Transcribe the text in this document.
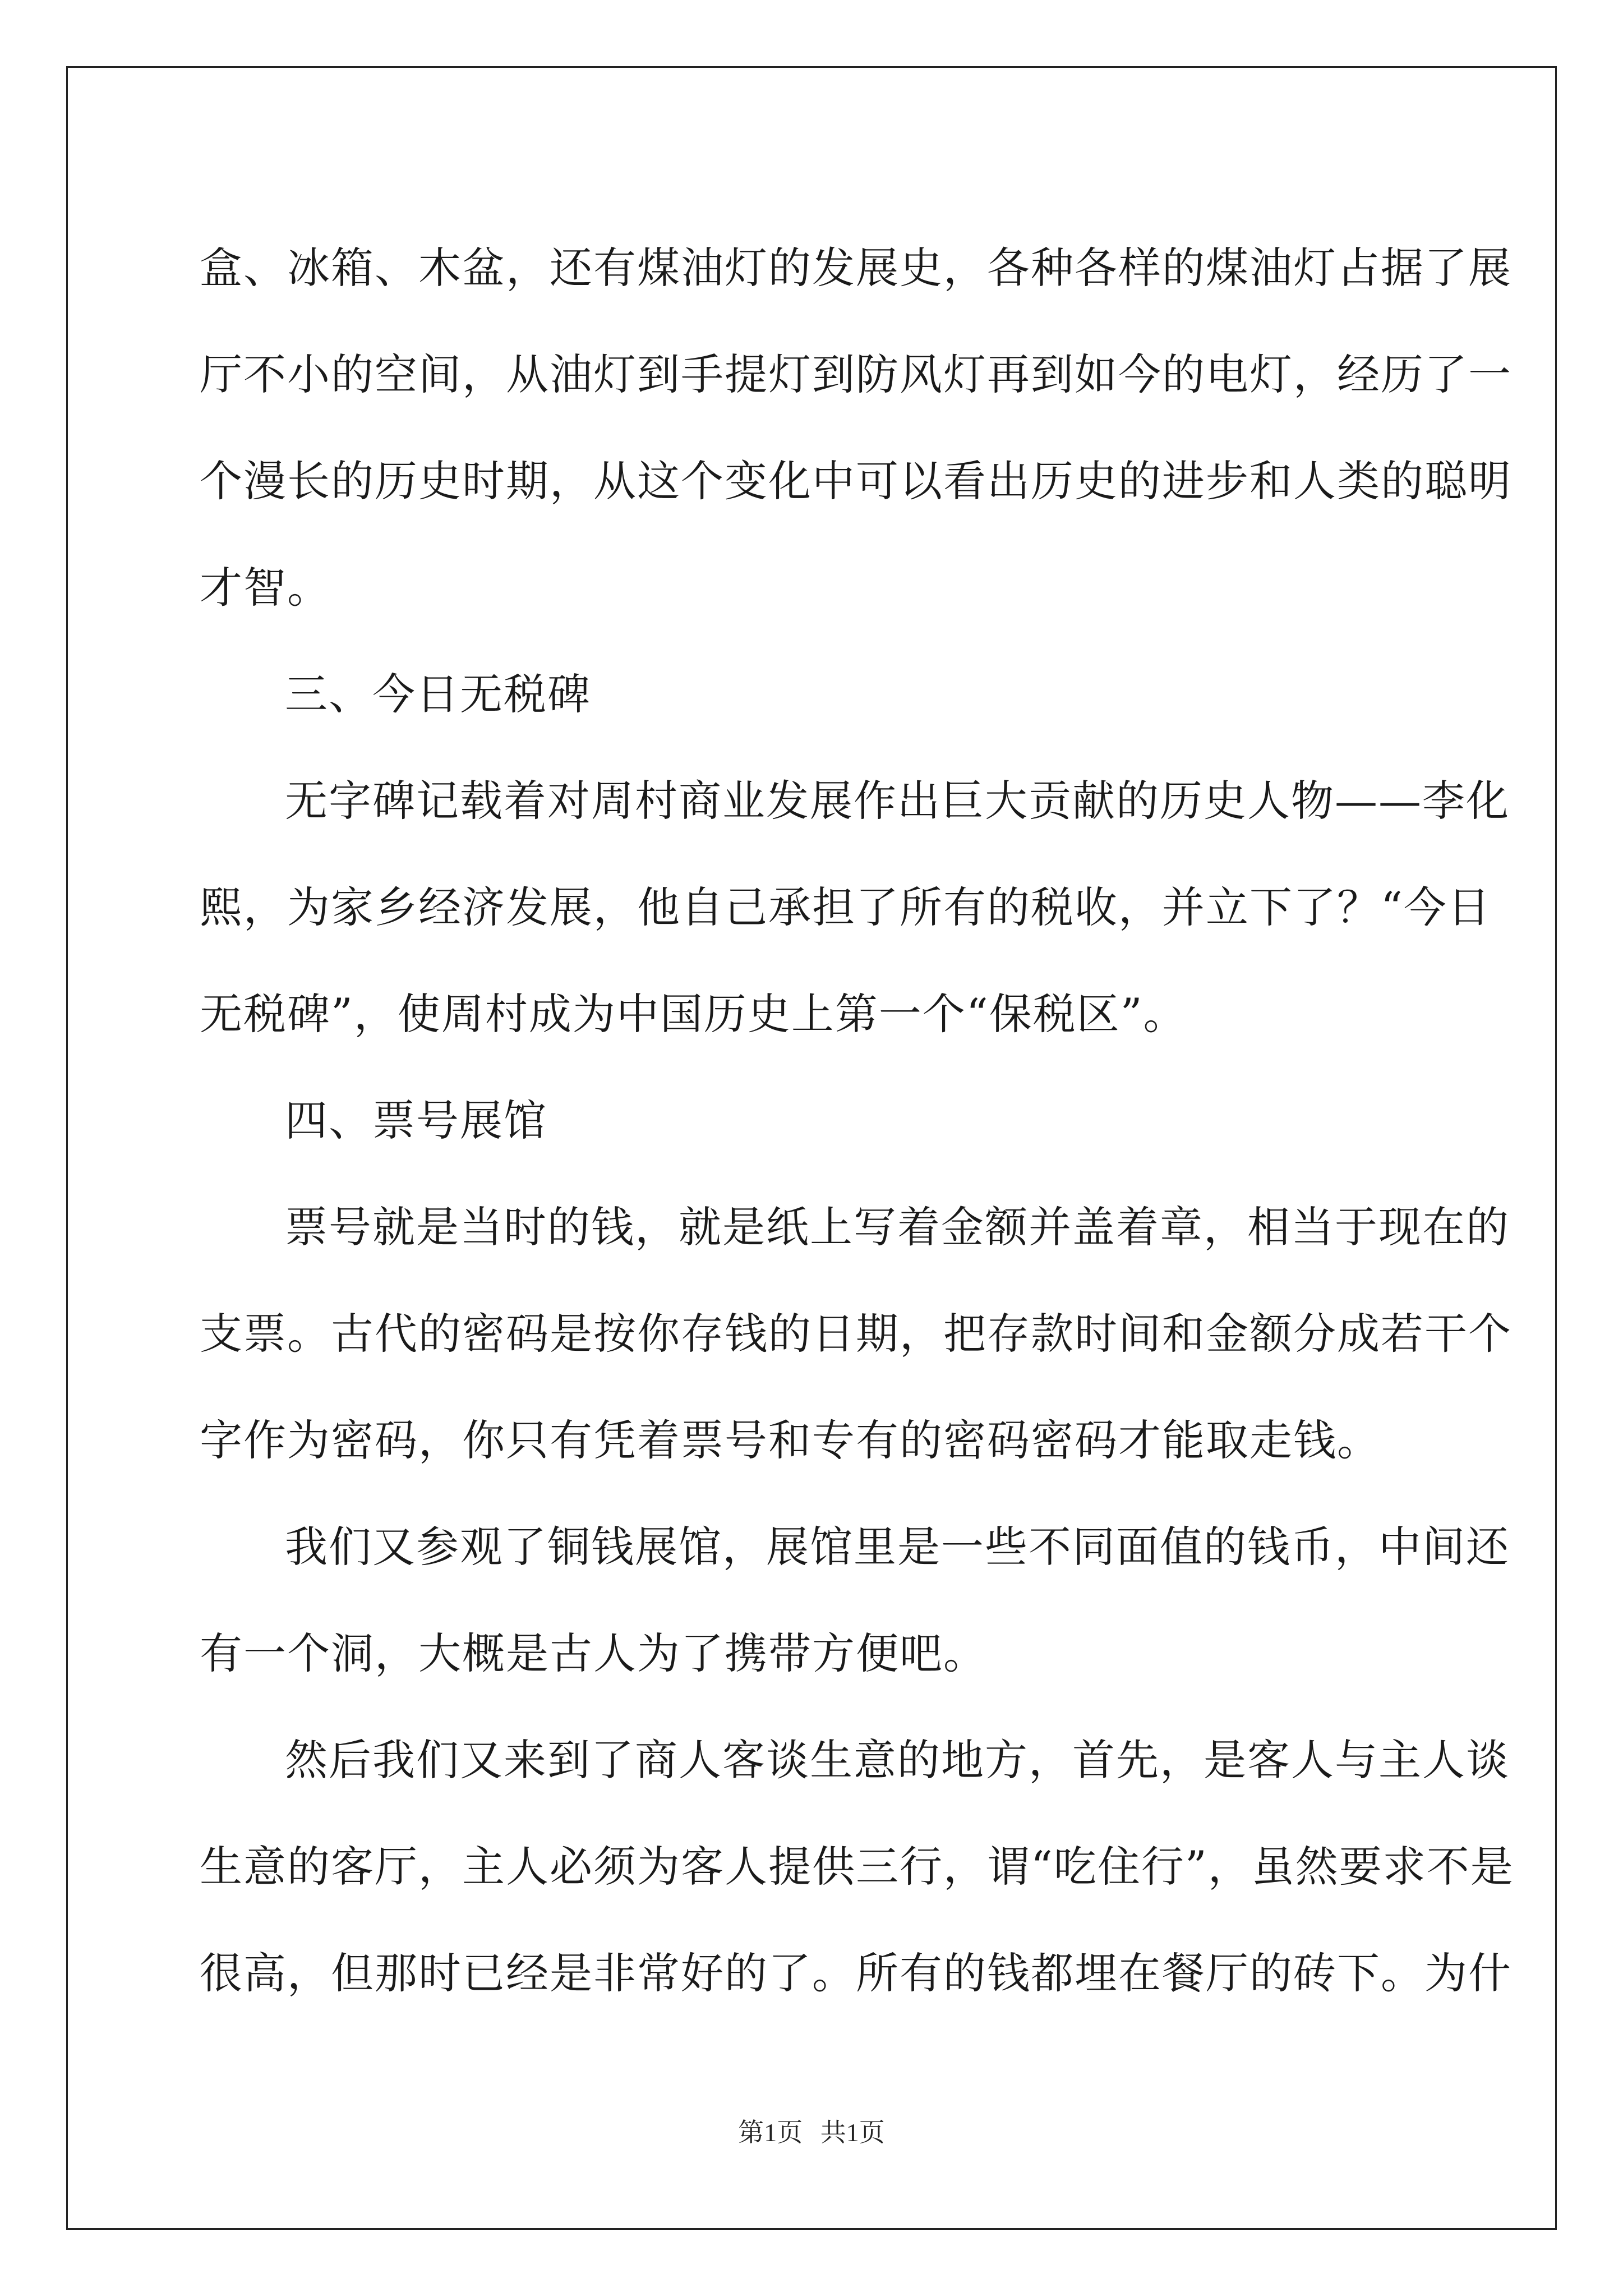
盒、冰箱、木盆，还有煤油灯的发展史，各种各样的煤油灯占据了展
厅不小的空间，从油灯到手提灯到防风灯再到如今的电灯，经历了一
个漫长的历史时期，从这个变化中可以看出历史的进步和人类的聪明
才智。

三、今日无税碑

无字碑记载着对周村商业发展作出巨大贡献的历史人物——李化
熙，为家乡经济发展，他自己承担了所有的税收，并立下了？“今日
无税碑”，使周村成为中国历史上第一个“保税区”。

四、票号展馆

票号就是当时的钱，就是纸上写着金额并盖着章，相当于现在的
支票。古代的密码是按你存钱的日期，把存款时间和金额分成若干个
字作为密码，你只有凭着票号和专有的密码密码才能取走钱。

我们又参观了铜钱展馆，展馆里是一些不同面值的钱币，中间还
有一个洞，大概是古人为了携带方便吧。

然后我们又来到了商人客谈生意的地方，首先，是客人与主人谈
生意的客厅，主人必须为客人提供三行，谓“吃住行”，虽然要求不是
很高，但那时已经是非常好的了。所有的钱都埋在餐厅的砖下。为什

第1页 共1页
